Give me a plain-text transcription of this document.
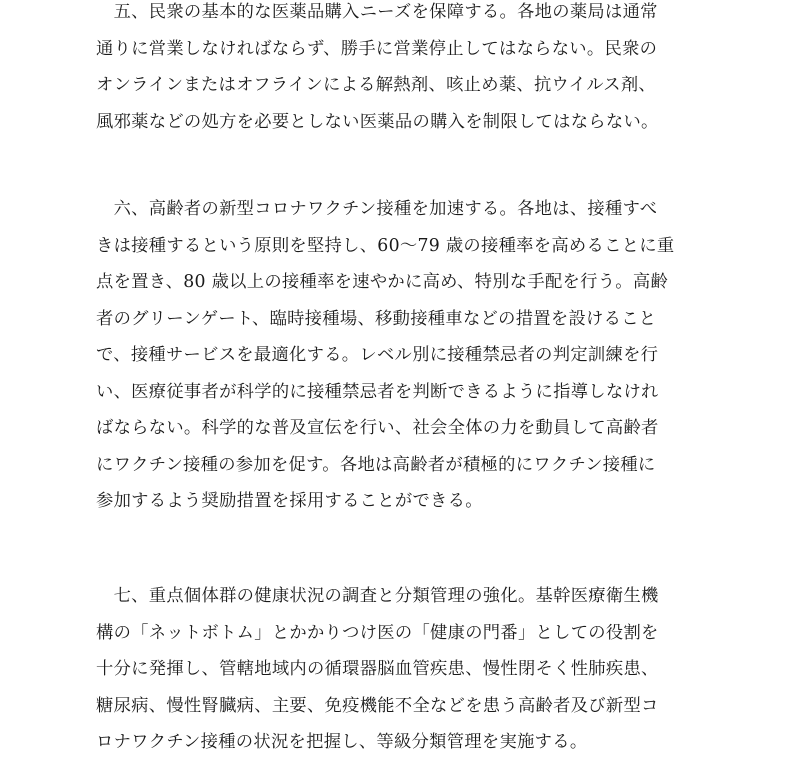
　五、民衆の基本的な医薬品購入ニーズを保障する。各地の薬局は通常
通りに営業しなければならず、勝手に営業停止してはならない。民衆の
オンラインまたはオフラインによる解熱剤、咳止め薬、抗ウイルス剤、
風邪薬などの処方を必要としない医薬品の購入を制限してはならない。
　六、高齢者の新型コロナワクチン接種を加速する。各地は、接種すべ
きは接種するという原則を堅持し、60～79 歳の接種率を高めることに重
点を置き、80 歳以上の接種率を速やかに高め、特別な手配を行う。高齢
者のグリーンゲート、臨時接種場、移動接種車などの措置を設けること
で、接種サービスを最適化する。レベル別に接種禁忌者の判定訓練を行
い、医療従事者が科学的に接種禁忌者を判断できるように指導しなけれ
ばならない。科学的な普及宣伝を行い、社会全体の力を動員して高齢者
にワクチン接種の参加を促す。各地は高齢者が積極的にワクチン接種に
参加するよう奨励措置を採用することができる。
　七、重点個体群の健康状況の調査と分類管理の強化。基幹医療衛生機
構の「ネットボトム」とかかりつけ医の「健康の門番」としての役割を
十分に発揮し、管轄地域内の循環器脳血管疾患、慢性閉そく性肺疾患、
糖尿病、慢性腎臓病、主要、免疫機能不全などを患う高齢者及び新型コ
ロナワクチン接種の状況を把握し、等級分類管理を実施する。
